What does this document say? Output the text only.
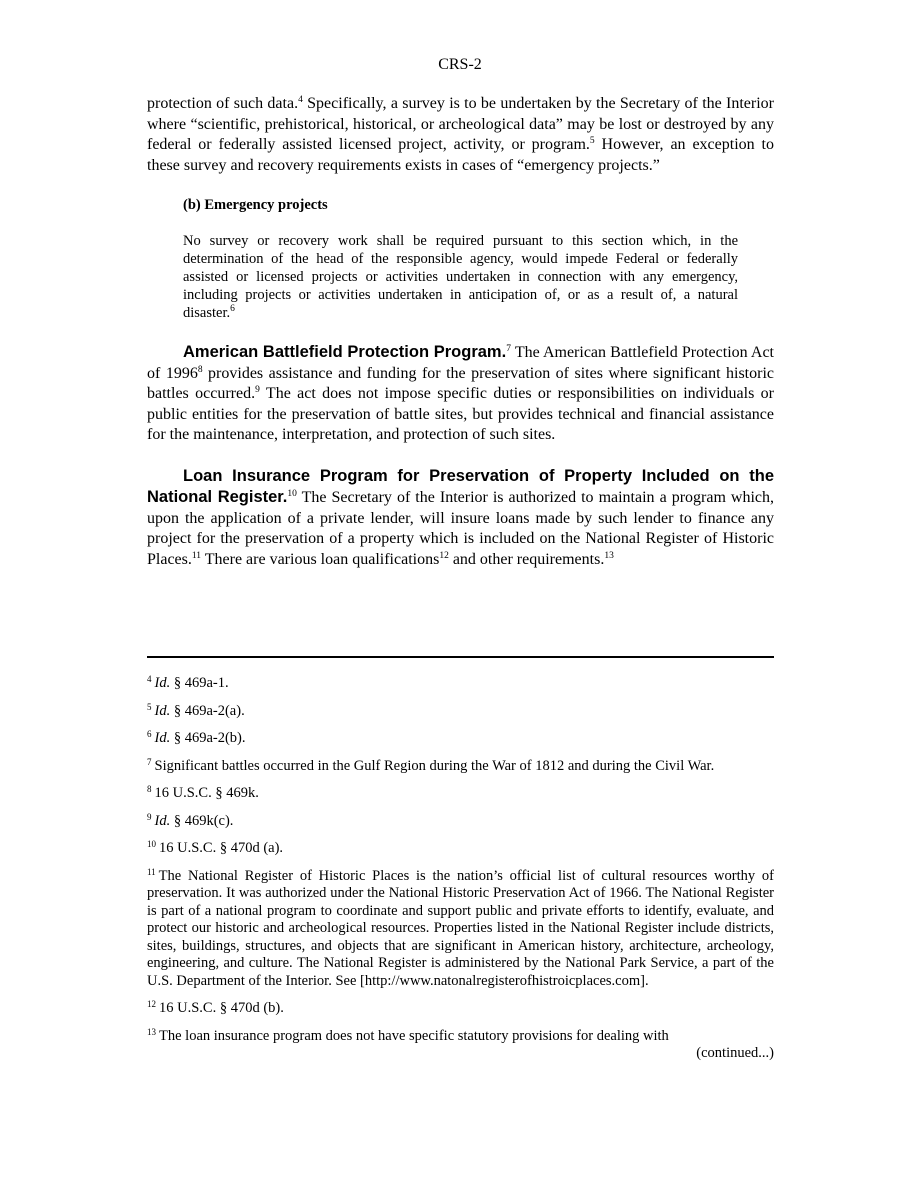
CRS-2

protection of such data.$^4$ Specifically, a survey is to be undertaken by the Secretary of the Interior where “scientific, prehistorical, historical, or archeological data” may be lost or destroyed by any federal or federally assisted licensed project, activity, or program.$^5$ However, an exception to these survey and recovery requirements exists in cases of “emergency projects.”

(b) Emergency projects
No survey or recovery work shall be required pursuant to this section which, in the determination of the head of the responsible agency, would impede Federal or federally assisted or licensed projects or activities undertaken in connection with any emergency, including projects or activities undertaken in anticipation of, or as a result of, a natural disaster.$^6$

American Battlefield Protection Program.$^7$ The American Battlefield Protection Act of 1996$^8$ provides assistance and funding for the preservation of sites where significant historic battles occurred.$^9$ The act does not impose specific duties or responsibilities on individuals or public entities for the preservation of battle sites, but provides technical and financial assistance for the maintenance, interpretation, and protection of such sites.

Loan Insurance Program for Preservation of Property Included on the National Register.$^{10}$ The Secretary of the Interior is authorized to maintain a program which, upon the application of a private lender, will insure loans made by such lender to finance any project for the preservation of a property which is included on the National Register of Historic Places.$^{11}$ There are various loan qualifications$^{12}$ and other requirements.$^{13}$

$^4$ Id. § 469a-1.

$^5$ Id. § 469a-2(a).

$^6$ Id. § 469a-2(b).

$^7$ Significant battles occurred in the Gulf Region during the War of 1812 and during the Civil War.

$^8$ 16 U.S.C. § 469k.

$^9$ Id. § 469k(c).

$^{10}$ 16 U.S.C. § 470d (a).

$^{11}$ The National Register of Historic Places is the nation’s official list of cultural resources worthy of preservation. It was authorized under the National Historic Preservation Act of 1966. The National Register is part of a national program to coordinate and support public and private efforts to identify, evaluate, and protect our historic and archeological resources. Properties listed in the National Register include districts, sites, buildings, structures, and objects that are significant in American history, architecture, archeology, engineering, and culture. The National Register is administered by the National Park Service, a part of the U.S. Department of the Interior. See [http://www.natonalregisterofhistroicplaces.com].

$^{12}$ 16 U.S.C. § 470d (b).

$^{13}$ The loan insurance program does not have specific statutory provisions for dealing with

(continued...)
